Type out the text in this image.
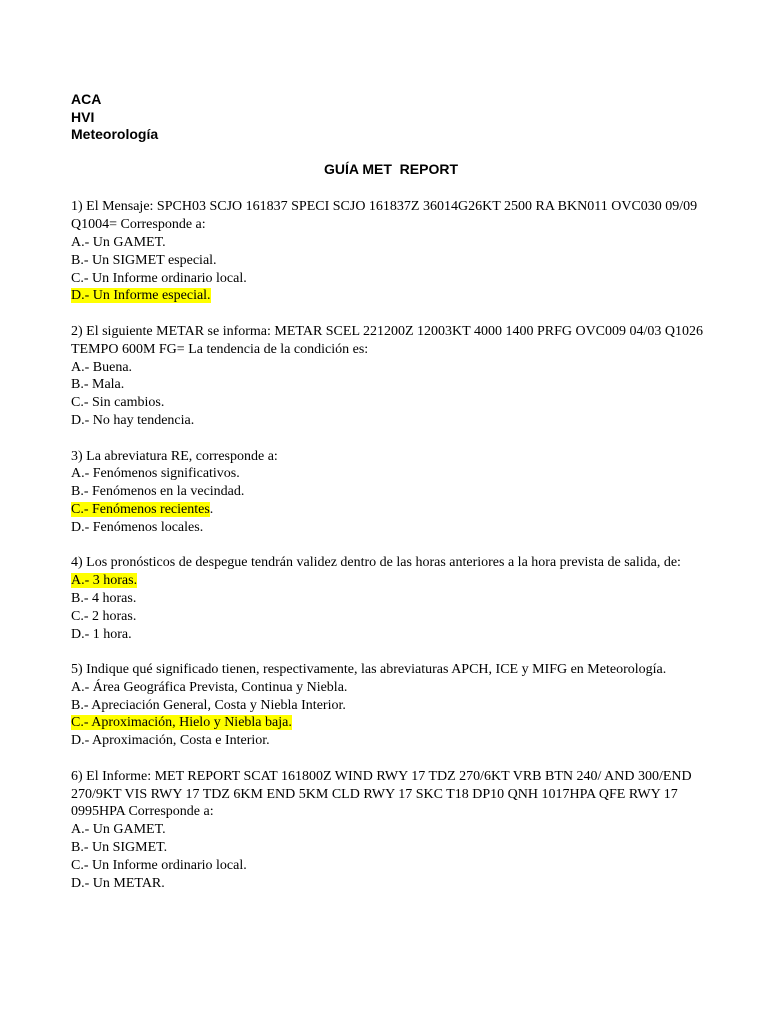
ACA
HVI
Meteorología
GUÍA MET  REPORT
1) El Mensaje: SPCH03 SCJO 161837 SPECI SCJO 161837Z 36014G26KT 2500 RA BKN011 OVC030 09/09 Q1004= Corresponde a:
A.- Un GAMET.
B.- Un SIGMET especial.
C.- Un Informe ordinario local.
D.- Un Informe especial.
2) El siguiente METAR se informa: METAR SCEL 221200Z 12003KT 4000 1400 PRFG OVC009 04/03 Q1026 TEMPO 600M FG= La tendencia de la condición es:
A.- Buena.
B.- Mala.
C.- Sin cambios.
D.- No hay tendencia.
3) La abreviatura RE, corresponde a:
A.- Fenómenos significativos.
B.- Fenómenos en la vecindad.
C.- Fenómenos recientes.
D.- Fenómenos locales.
4) Los pronósticos de despegue tendrán validez dentro de las horas anteriores a la hora prevista de salida, de:
A.- 3 horas.
B.- 4 horas.
C.- 2 horas.
D.- 1 hora.
5) Indique qué significado tienen, respectivamente, las abreviaturas APCH, ICE y MIFG en Meteorología.
A.- Área Geográfica Prevista, Continua y Niebla.
B.- Apreciación General, Costa y Niebla Interior.
C.- Aproximación, Hielo y Niebla baja.
D.- Aproximación, Costa e Interior.
6) El Informe: MET REPORT SCAT 161800Z WIND RWY 17 TDZ 270/6KT VRB BTN 240/ AND 300/END 270/9KT VIS RWY 17 TDZ 6KM END 5KM CLD RWY 17 SKC T18 DP10 QNH 1017HPA QFE RWY 17 0995HPA Corresponde a:
A.- Un GAMET.
B.- Un SIGMET.
C.- Un Informe ordinario local.
D.- Un METAR.
